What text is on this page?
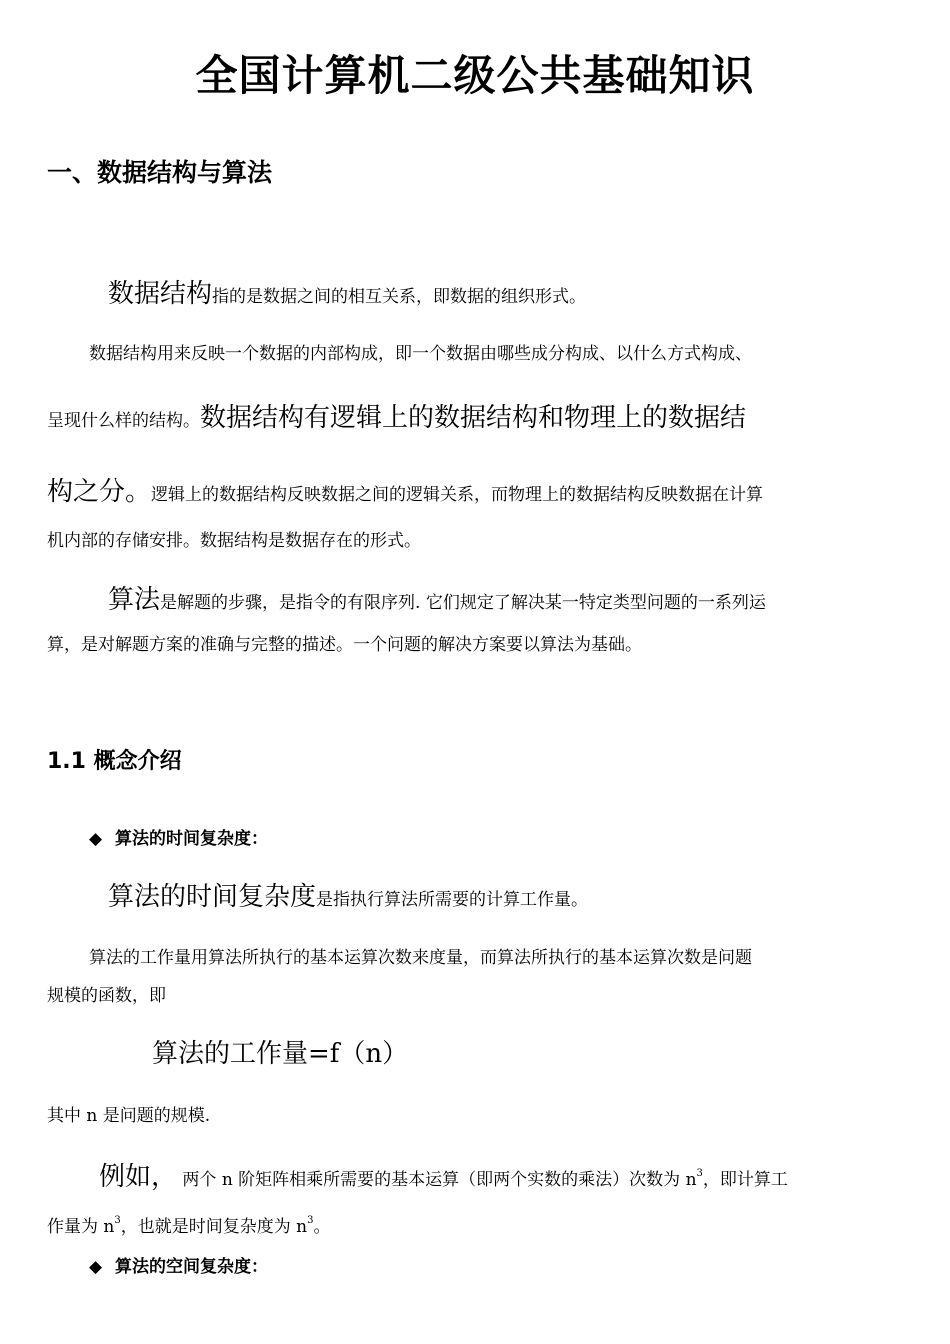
全国计算机二级公共基础知识
一、数据结构与算法
数据结构指的是数据之间的相互关系，即数据的组织形式。
数据结构用来反映一个数据的内部构成，即一个数据由哪些成分构成、以什么方式构成、
呈现什么样的结构。数据结构有逻辑上的数据结构和物理上的数据结
构之分。逻辑上的数据结构反映数据之间的逻辑关系，而物理上的数据结构反映数据在计算
机内部的存储安排。数据结构是数据存在的形式。
算法是解题的步骤，是指令的有限序列. 它们规定了解决某一特定类型问题的一系列运
算，是对解题方案的准确与完整的描述。一个问题的解决方案要以算法为基础。
1.1 概念介绍
◆ 算法的时间复杂度：
算法的时间复杂度是指执行算法所需要的计算工作量。
算法的工作量用算法所执行的基本运算次数来度量，而算法所执行的基本运算次数是问题
规模的函数，即
算法的工作量=f（n）
其中 n 是问题的规模.
例如， 两个 n 阶矩阵相乘所需要的基本运算（即两个实数的乘法）次数为 $n^3$，即计算工
作量为 $n^3$，也就是时间复杂度为 $n^3$。
◆ 算法的空间复杂度：
